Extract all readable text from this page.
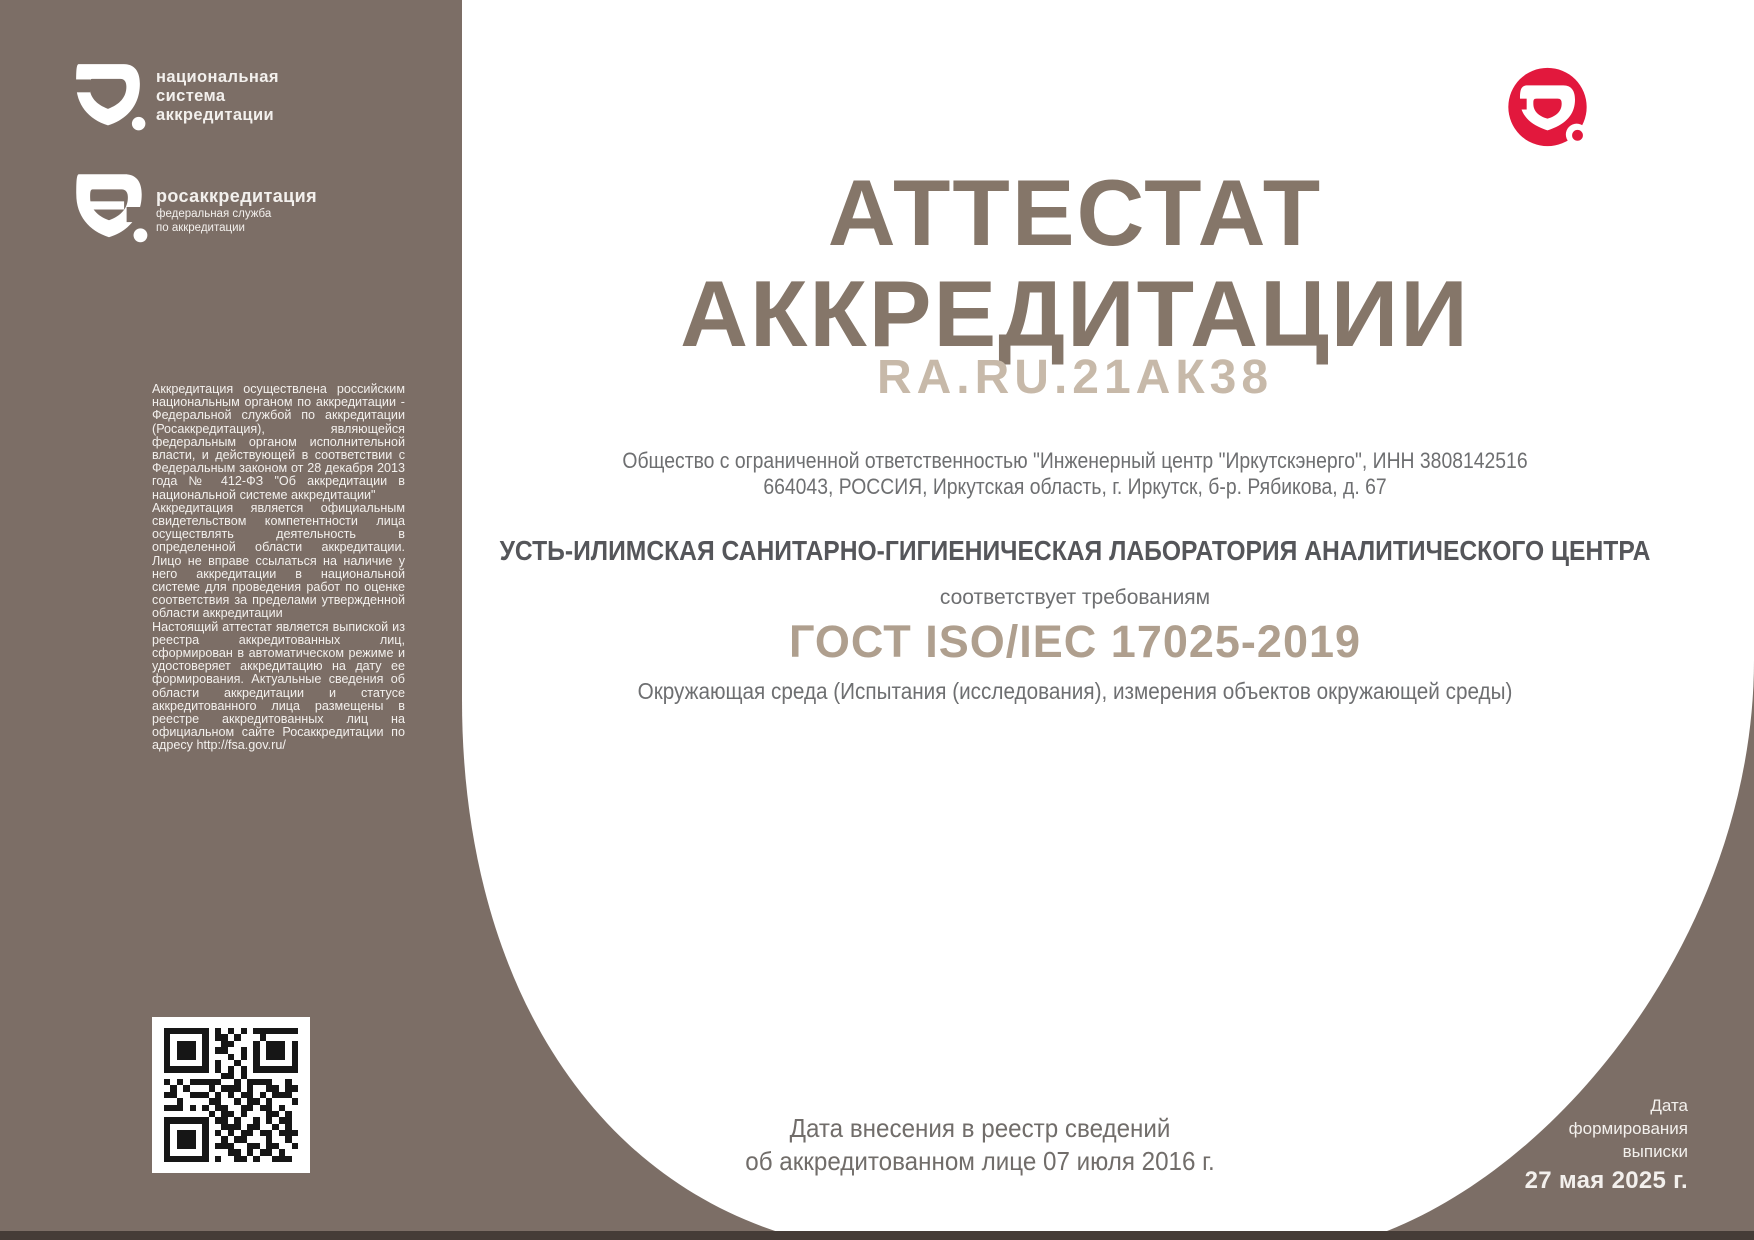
национальная
система
аккредитации
росаккредитация
федеральная служба
по аккредитации

Аккредитация осуществлена российским национальным органом по аккредитации - Федеральной службой по аккредитации (Росаккредитация), являющейся федеральным органом исполнительной власти, и действующей в соответствии с Федеральным законом от 28 декабря 2013 года № 412-ФЗ "Об аккредитации в национальной системе аккредитации"

Аккредитация является официальным свидетельством компетентности лица осуществлять деятельность в определенной области аккредитации. Лицо не вправе ссылаться на наличие у него аккредитации в национальной системе для проведения работ по оценке соответствия за пределами утвержденной области аккредитации

Настоящий аттестат является выпиской из реестра аккредитованных лиц, сформирован в автоматическом режиме и удостоверяет аккредитацию на дату ее формирования. Актуальные сведения об области аккредитации и статусе аккредитованного лица размещены в реестре аккредитованных лиц на официальном сайте Росаккредитации по адресу http://fsa.gov.ru/

АТТЕСТАТ
АККРЕДИТАЦИИ
RA.RU.21АК38
Общество с ограниченной ответственностью "Инженерный центр "Иркутскэнерго", ИНН 3808142516
664043, РОССИЯ, Иркутская область, г. Иркутск, б-р. Рябикова, д. 67
УСТЬ-ИЛИМСКАЯ САНИТАРНО-ГИГИЕНИЧЕСКАЯ ЛАБОРАТОРИЯ АНАЛИТИЧЕСКОГО ЦЕНТРА
соответствует требованиям
ГОСТ ISO/IEC 17025-2019
Окружающая среда (Испытания (исследования), измерения объектов окружающей среды)
Дата внесения в реестр сведений
об аккредитованном лице 07 июля 2016 г.
Дата
формирования
выписки
27 мая 2025 г.
